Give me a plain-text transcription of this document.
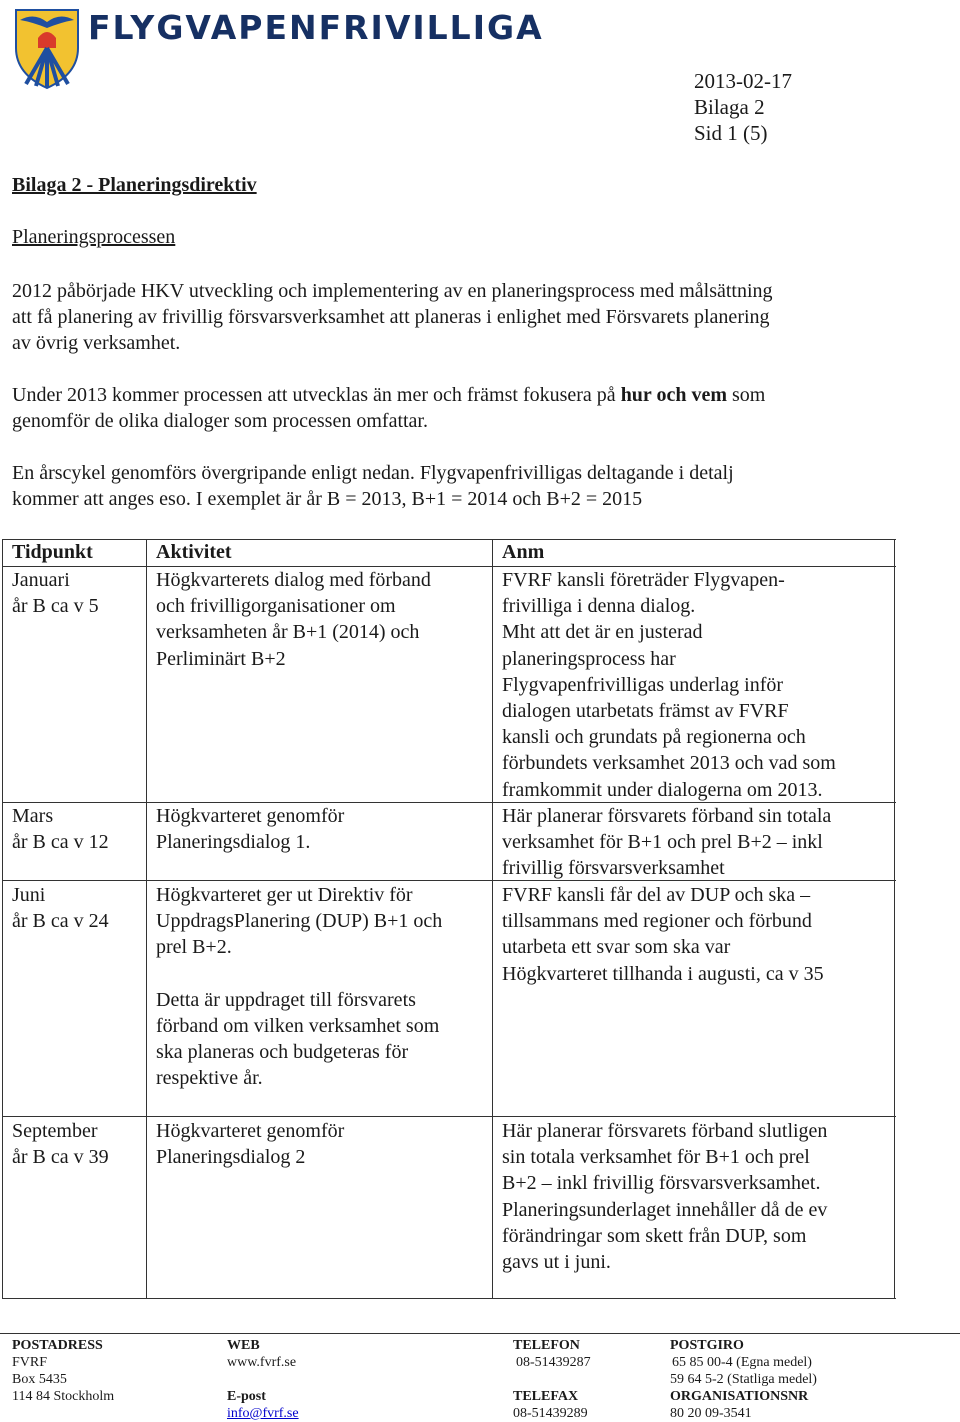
FLYGVAPENFRIVILLIGA
2013-02-17
Bilaga 2
Sid 1 (5)
Bilaga 2 - Planeringsdirektiv
Planeringsprocessen
2012 påbörjade HKV utveckling och implementering av en planeringsprocess med målsättning
att få planering av frivillig försvarsverksamhet att planeras i enlighet med Försvarets planering
av övrig verksamhet.
Under 2013 kommer processen att utvecklas än mer och främst fokusera på hur och vem som
genomför de olika dialoger som processen omfattar.
En årscykel genomförs övergripande enligt nedan. Flygvapenfrivilligas deltagande i detalj
kommer att anges eso. I exemplet är år B = 2013, B+1 = 2014 och B+2 = 2015
Tidpunkt	Aktivitet	Anm
Januari
år B ca v 5
Högkvarterets dialog med förband
och frivilligorganisationer om
verksamheten år B+1 (2014) och
Perliminärt B+2
FVRF kansli företräder Flygvapen-
frivilliga i denna dialog.
Mht att det är en justerad
planeringsprocess har
Flygvapenfrivilligas underlag inför
dialogen utarbetats främst av FVRF
kansli och grundats på regionerna och
förbundets verksamhet 2013 och vad som
framkommit under dialogerna om 2013.
Mars
år B ca v 12
Högkvarteret genomför
Planeringsdialog 1.
Här planerar försvarets förband sin totala
verksamhet för B+1 och prel B+2 – inkl
frivillig försvarsverksamhet
Juni
år B ca v 24
Högkvarteret ger ut Direktiv för
UppdragsPlanering (DUP) B+1 och
prel B+2.
Detta är uppdraget till försvarets
förband om vilken verksamhet som
ska planeras och budgeteras för
respektive år.
FVRF kansli får del av DUP och ska –
tillsammans med regioner och förbund
utarbeta ett svar som ska var
Högkvarteret tillhanda i augusti, ca v 35
September
år B ca v 39
Högkvarteret genomför
Planeringsdialog 2
Här planerar försvarets förband slutligen
sin totala verksamhet för B+1 och prel
B+2 – inkl frivillig försvarsverksamhet.
Planeringsunderlaget innehåller då de ev
förändringar som skett från DUP, som
gavs ut i juni.
POSTADRESS
FVRF
Box 5435
114 84 Stockholm
WEB
www.fvrf.se
E-post
info@fvrf.se
TELEFON
08-51439287
TELEFAX
08-51439289
POSTGIRO
65 85 00-4 (Egna medel)
59 64 5-2 (Statliga medel)
ORGANISATIONSNR
80 20 09-3541
